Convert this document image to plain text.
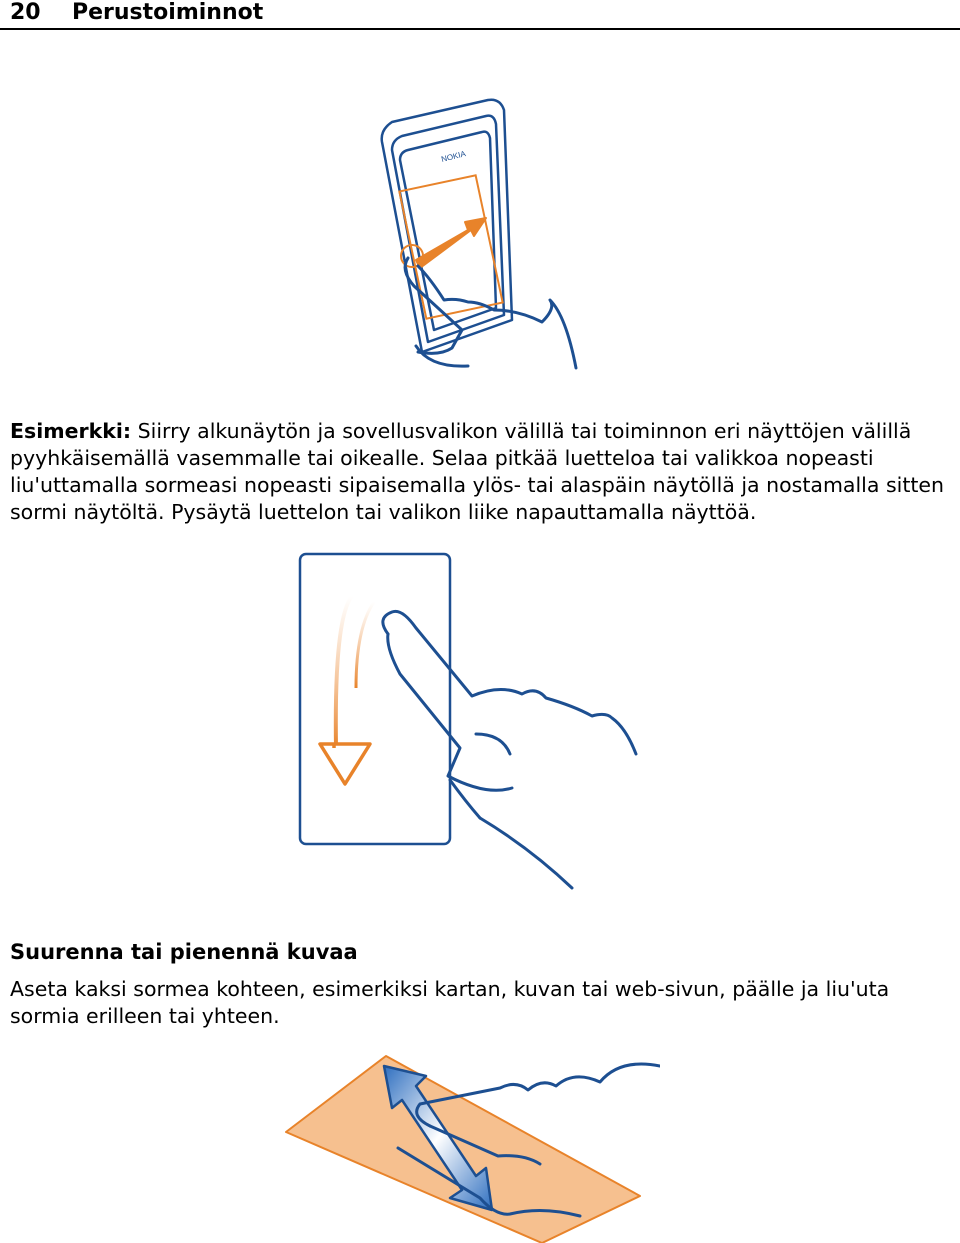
20 Perustoiminnot
NOKIA

Esimerkki: Siirry alkunäytön ja sovellusvalikon välillä tai toiminnon eri näyttöjen välillä pyyhkäisemällä vasemmalle tai oikealle. Selaa pitkää luetteloa tai valikkoa nopeasti liu'uttamalla sormeasi nopeasti sipaisemalla ylös- tai alaspäin näytöllä ja nostamalla sitten sormi näytöltä. Pysäytä luettelon tai valikon liike napauttamalla näyttöä.

Suurenna tai pienennä kuvaa

Aseta kaksi sormea kohteen, esimerkiksi kartan, kuvan tai web-sivun, päälle ja liu'uta sormia erilleen tai yhteen.
